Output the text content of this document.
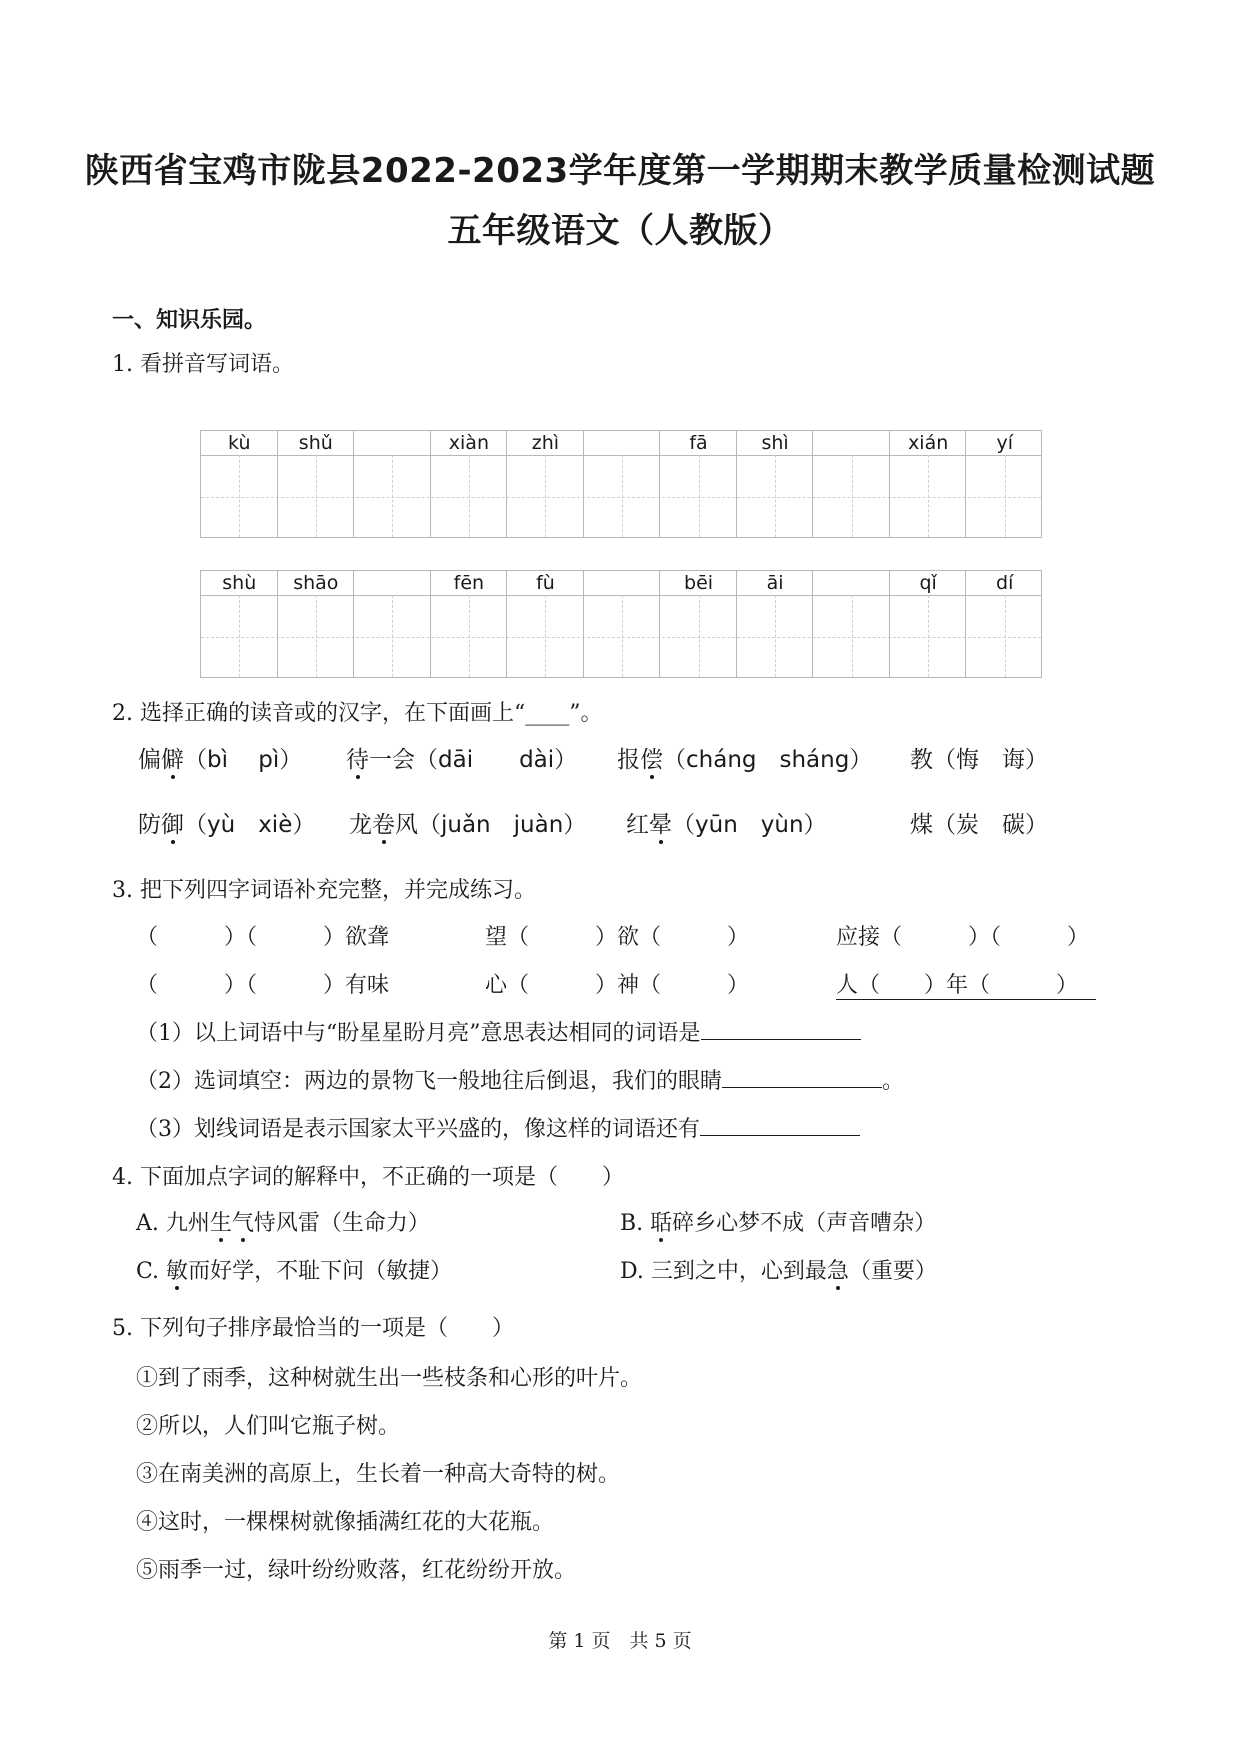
陕西省宝鸡市陇县2022-2023学年度第一学期期末教学质量检测试题
五年级语文（人教版）
一、知识乐园。
1. 看拼音写词语。
kù	shǔ	xiàn	zhì	fā	shì	xián	yí
shù	shāo	fēn	fù	bēi	āi	qǐ	dí
2. 选择正确的读音或的汉字，在下面画上“____”。
偏僻（bì　 pì） 待一会（dāi　　dài） 报偿（cháng　sháng） 教（悔　诲）
防御（yù　xiè） 龙卷风（juǎn　juàn） 红晕（yūn　yùn）	煤（炭　碳）
3. 把下列四字词语补充完整，并完成练习。
（　　　）（　　　）欲聋	望（　　　）欲（　　　）	应接（　　　）（　　　）
（　　　）（　　　）有味	心（　　　）神（　　　）	人（　　）年（　　　）
（1）以上词语中与“盼星星盼月亮”意思表达相同的词语是
（2）选词填空：两边的景物飞一般地往后倒退，我们的眼睛	。
（3）划线词语是表示国家太平兴盛的，像这样的词语还有
4. 下面加点字词的解释中，不正确的一项是（　　）
A. 九州生气恃风雷（生命力）	B. 聒碎乡心梦不成（声音嘈杂）
C. 敏而好学，不耻下问（敏捷）	D. 三到之中，心到最急（重要）
5. 下列句子排序最恰当的一项是（　　）
①到了雨季，这种树就生出一些枝条和心形的叶片。
②所以，人们叫它瓶子树。
③在南美洲的高原上，生长着一种高大奇特的树。
④这时，一棵棵树就像插满红花的大花瓶。
⑤雨季一过，绿叶纷纷败落，红花纷纷开放。
第 1 页　共 5 页
